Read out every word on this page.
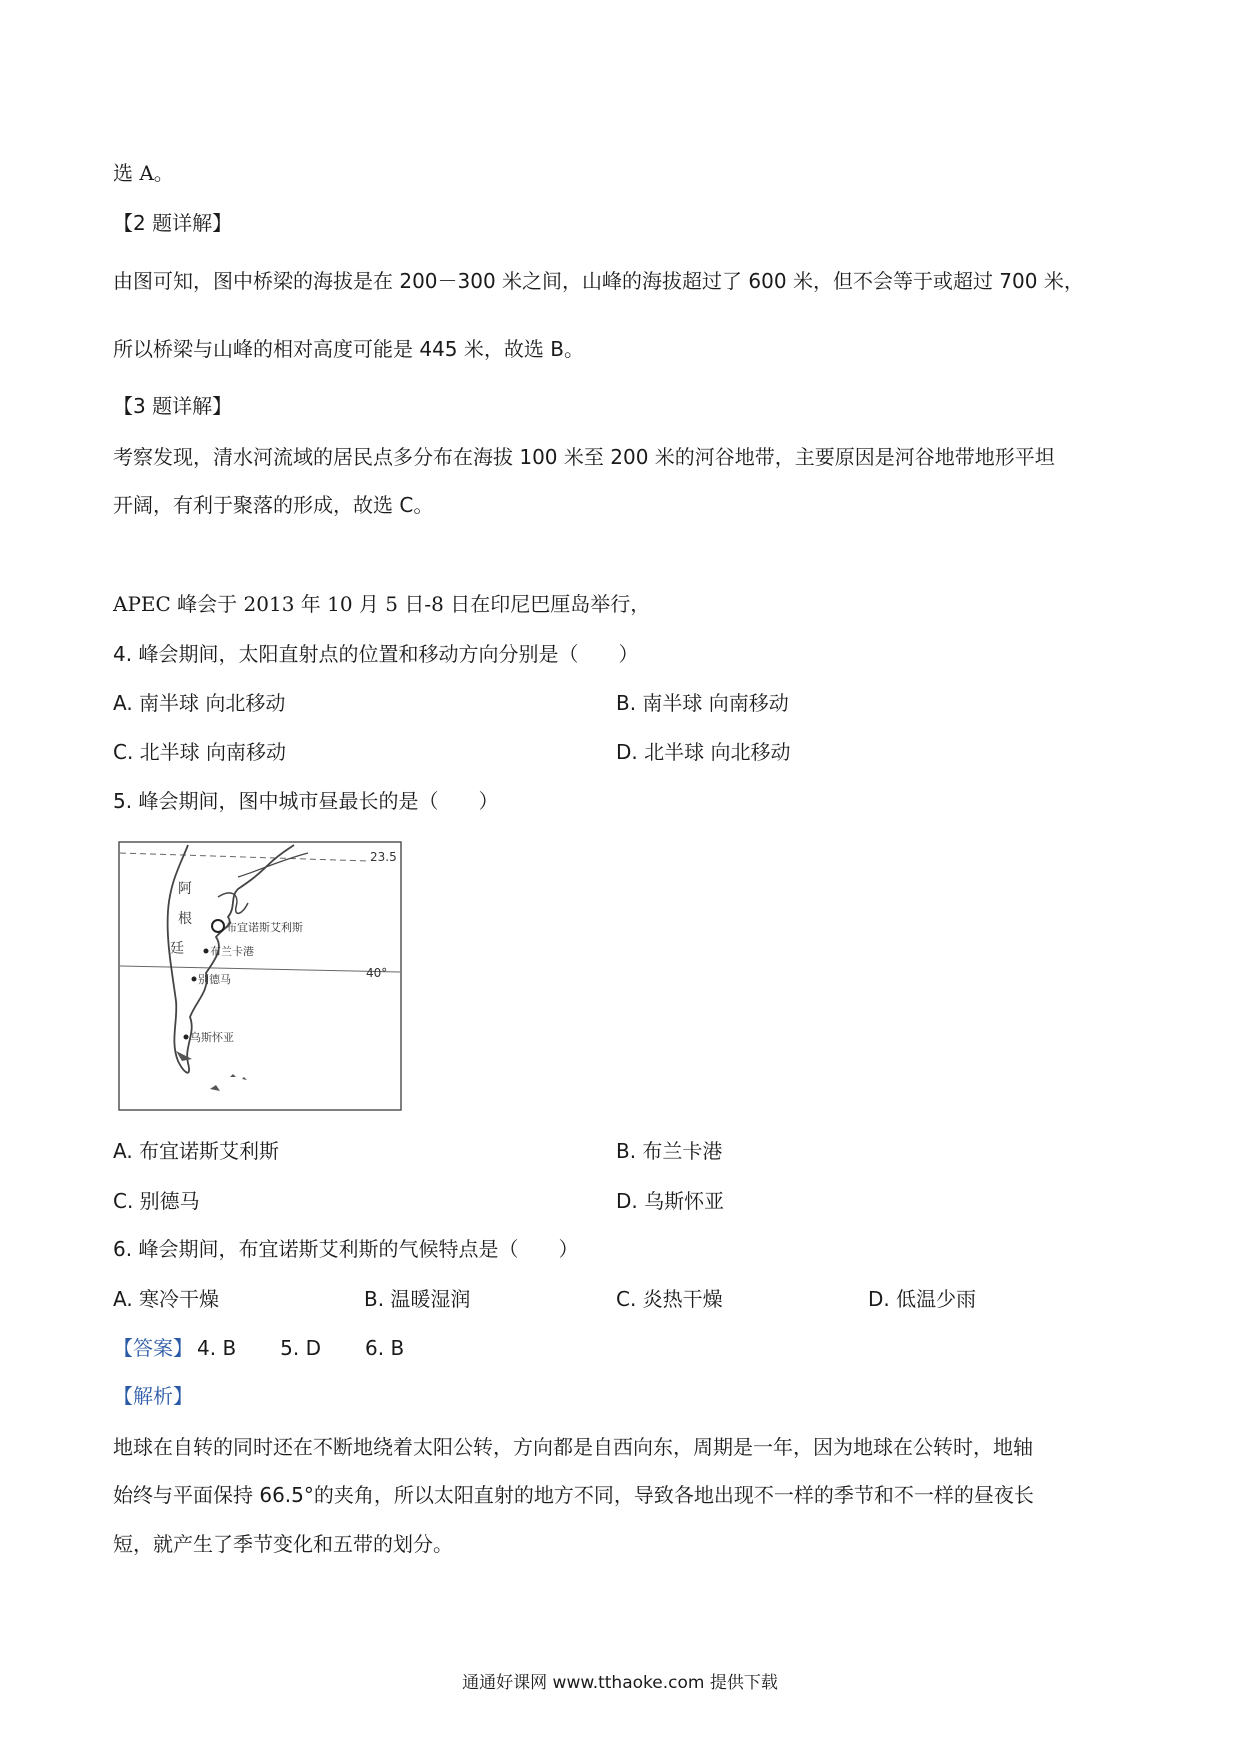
选 A。
【2 题详解】
由图可知，图中桥梁的海拔是在 200－300 米之间，山峰的海拔超过了 600 米，但不会等于或超过 700 米，
所以桥梁与山峰的相对高度可能是 445 米，故选 B。
【3 题详解】
考察发现，清水河流域的居民点多分布在海拔 100 米至 200 米的河谷地带，主要原因是河谷地带地形平坦
开阔，有利于聚落的形成，故选 C。
APEC 峰会于 2013 年 10 月 5 日-8 日在印尼巴厘岛举行，
4. 峰会期间，太阳直射点的位置和移动方向分别是（　　）
A. 南半球 向北移动	B. 南半球 向南移动
C. 北半球 向南移动	D. 北半球 向北移动
5. 峰会期间，图中城市昼最长的是（　　）
23.5
40°
阿
根
廷
布宜诺斯艾利斯
布兰卡港
别德马
乌斯怀亚
A. 布宜诺斯艾利斯	B. 布兰卡港
C. 别德马	D. 乌斯怀亚
6. 峰会期间，布宜诺斯艾利斯的气候特点是（　　）
A. 寒冷干燥	B. 温暖湿润	C. 炎热干燥	D. 低温少雨
【答案】 4. B 5. D 6. B
【解析】
地球在自转的同时还在不断地绕着太阳公转，方向都是自西向东，周期是一年，因为地球在公转时，地轴
始终与平面保持 66.5°的夹角，所以太阳直射的地方不同，导致各地出现不一样的季节和不一样的昼夜长
短，就产生了季节变化和五带的划分。
通通好课网 www.tthaoke.com 提供下载
